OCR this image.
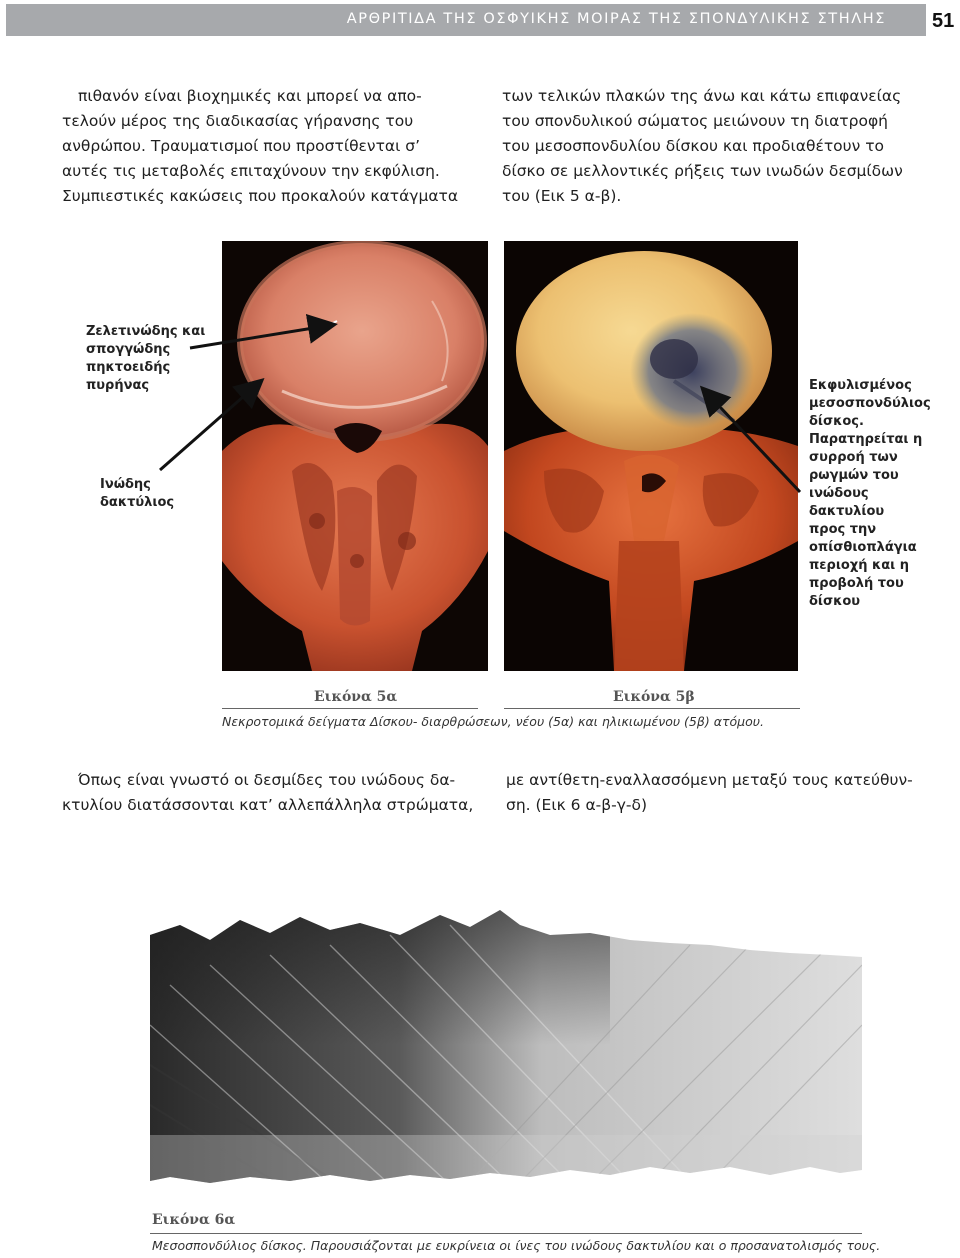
ΑΡΘΡΙΤΙΔΑ ΤΗΣ ΟΣΦΥΙΚΗΣ ΜΟΙΡΑΣ ΤΗΣ ΣΠΟΝΔΥΛΙΚΗΣ ΣΤΗΛΗΣ 51
πιθανόν είναι βιοχημικές και μπορεί να απο-
τελούν μέρος της διαδικασίας γήρανσης του
ανθρώπου. Τραυματισμοί που προστίθενται σ’
αυτές τις μεταβολές επιταχύνουν την εκφύλιση.
Συμπιεστικές κακώσεις που προκαλούν κατάγματα
των τελικών πλακών της άνω και κάτω επιφανείας
του σπονδυλικού σώματος μειώνουν τη διατροφή
του μεσοσπονδυλίου δίσκου και προδιαθέτουν το
δίσκο σε μελλοντικές ρήξεις των ινωδών δεσμίδων
του (Εικ 5 α-β).
Ζελετινώδης και
σπογγώδης
πηκτοειδής
πυρήνας
Ινώδης
δακτύλιος
Εκφυλισμένος
μεσοσπονδύλιος
δίσκος.
Παρατηρείται η
συρροή των
ρωγμών του
ινώδους
δακτυλίου
προς την
οπίσθιοπλάγια
περιοχή και η
προβολή του
δίσκου
Εικόνα 5α	Εικόνα 5β
Νεκροτομικά δείγματα Δίσκου- διαρθρώσεων, νέου (5α) και ηλικιωμένου (5β) ατόμου.
Όπως είναι γνωστό οι δεσμίδες του ινώδους δα-
κτυλίου διατάσσονται κατ’ αλλεπάλληλα στρώματα,
με αντίθετη-εναλλασσόμενη μεταξύ τους κατεύθυν-
ση. (Εικ 6 α-β-γ-δ)
Εικόνα 6α
Μεσοσπονδύλιος δίσκος. Παρουσιάζονται με ευκρίνεια οι ίνες του ινώδους δακτυλίου και ο προσανατολισμός τους.
